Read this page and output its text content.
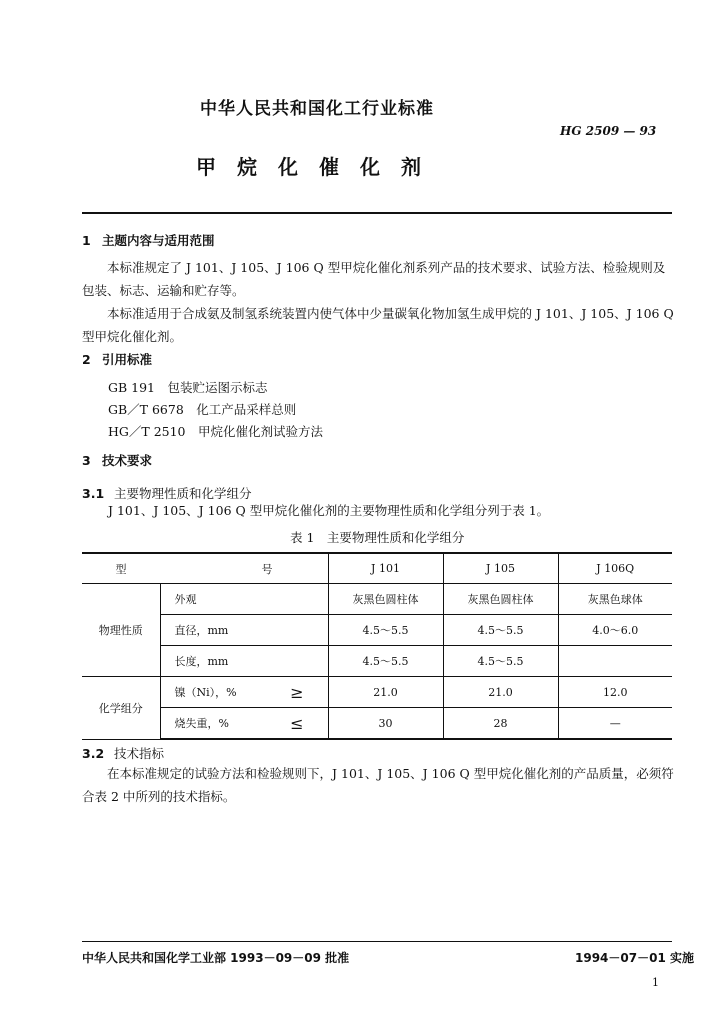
中华人民共和国化工行业标准
HG 2509 — 93
甲烷化催化剂
1 主题内容与适用范围

本标准规定了 J 101、J 105、J 106 Q 型甲烷化催化剂系列产品的技术要求、试验方法、检验规则及包装、标志、运输和贮存等。

本标准适用于合成氨及制氢系统装置内使气体中少量碳氧化物加氢生成甲烷的 J 101、J 105、J 106 Q 型甲烷化催化剂。

2 引用标准
GB 191　包装贮运图示标志
GB／T 6678　化工产品采样总则
HG／T 2510　甲烷化催化剂试验方法
3 技术要求
3.1 主要物理性质和化学组分
J 101、J 105、J 106 Q 型甲烷化催化剂的主要物理性质和化学组分列于表 1。
表 1　主要物理性质和化学组分
型	号		J 101	J 105	J 106Q
物理性质	外观		灰黑色圆柱体	灰黑色圆柱体	灰黑色球体
	直径，mm		4.5～5.5	4.5～5.5	4.0～6.0
	长度，mm		4.5～5.5	4.5～5.5	
化学组分	镍（Ni），%	≥	21.0	21.0	12.0
	烧失重，%	≤	30	28	—
3.2 技术指标
在本标准规定的试验方法和检验规则下，J 101、J 105、J 106 Q 型甲烷化催化剂的产品质量，必须符合表 2 中所列的技术指标。
中华人民共和国化学工业部 1993－09－09 批准	1994－07－01 实施
1
